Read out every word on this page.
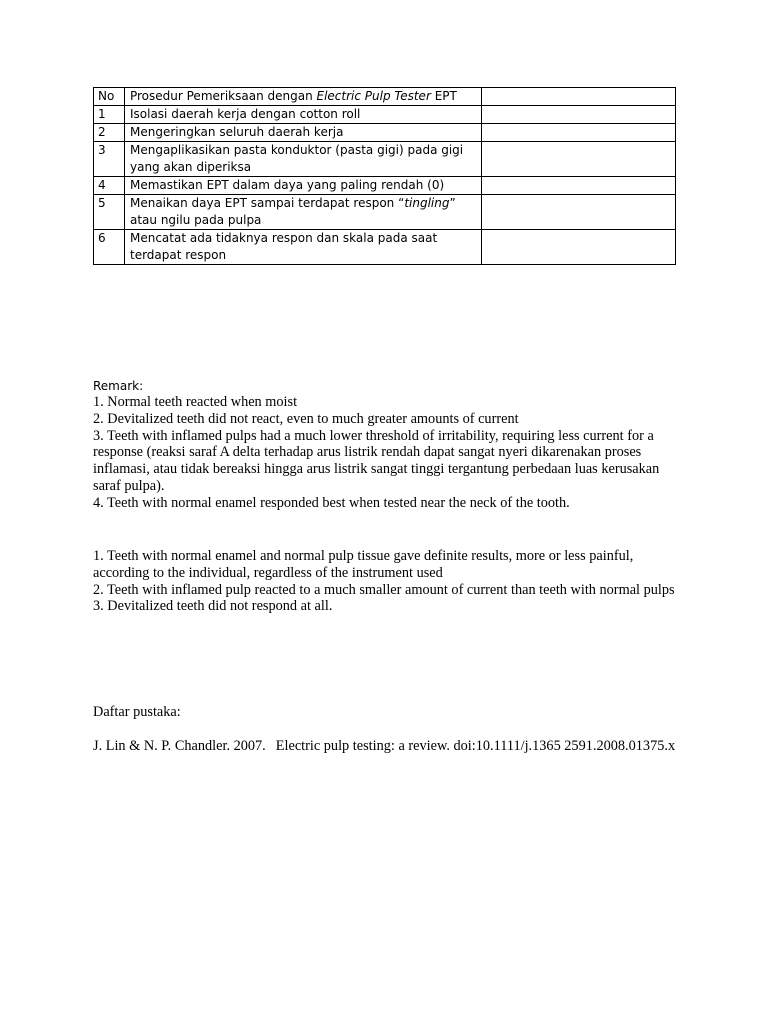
No	Prosedur Pemeriksaan dengan Electric Pulp Tester EPT	
1	Isolasi daerah kerja dengan cotton roll	
2	Mengeringkan seluruh daerah kerja	
3	Mengaplikasikan pasta konduktor (pasta gigi) pada gigi yang akan diperiksa	
4	Memastikan EPT dalam daya yang paling rendah (0)	
5	Menaikan daya EPT sampai terdapat respon “tingling” atau ngilu pada pulpa	
6	Mencatat ada tidaknya respon dan skala pada saat terdapat respon	
Remark:

1. Normal teeth reacted when moist

2. Devitalized teeth did not react, even to much greater amounts of current

3. Teeth with inflamed pulps had a much lower threshold of irritability, requiring less current for a response (reaksi saraf A delta terhadap arus listrik rendah dapat sangat nyeri dikarenakan proses inflamasi, atau tidak bereaksi hingga arus listrik sangat tinggi tergantung perbedaan luas kerusakan saraf pulpa).

4. Teeth with normal enamel responded best when tested near the neck of the tooth.

1. Teeth with normal enamel and normal pulp tissue gave definite results, more or less painful, according to the individual, regardless of the instrument used

2. Teeth with inflamed pulp reacted to a much smaller amount of current than teeth with normal pulps

3. Devitalized teeth did not respond at all.

Daftar pustaka:

J. Lin & N. P. Chandler. 2007. Electric pulp testing: a review. doi:10.1111/j.1365 2591.2008.01375.x
